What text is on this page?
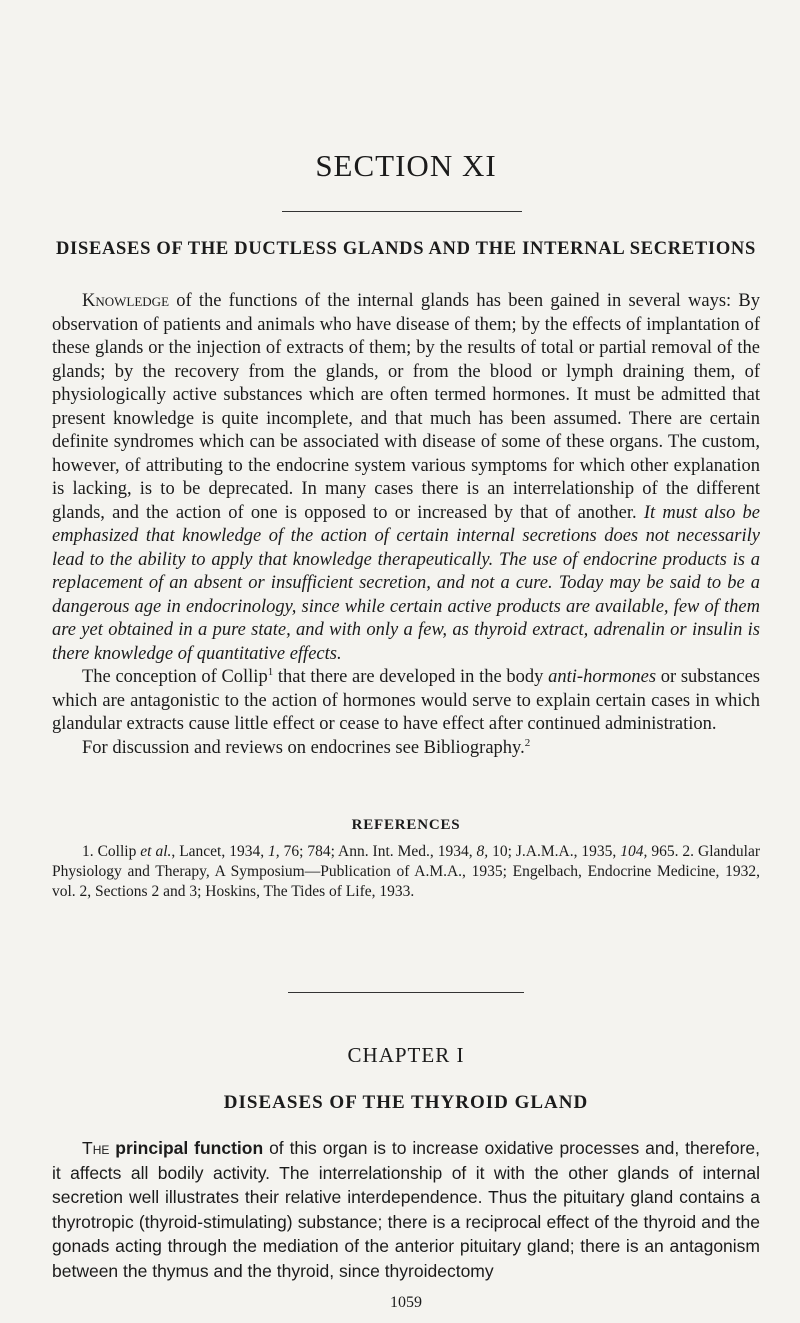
SECTION XI
DISEASES OF THE DUCTLESS GLANDS AND THE INTERNAL SECRETIONS

Knowledge of the functions of the internal glands has been gained in several ways: By observation of patients and animals who have disease of them; by the effects of implantation of these glands or the injection of extracts of them; by the results of total or partial removal of the glands; by the recovery from the glands, or from the blood or lymph draining them, of physiologically active substances which are often termed hormones. It must be admitted that present knowledge is quite incomplete, and that much has been assumed. There are certain definite syndromes which can be associated with disease of some of these organs. The custom, however, of attributing to the endocrine system various symptoms for which other explanation is lacking, is to be deprecated. In many cases there is an interrelationship of the different glands, and the action of one is opposed to or increased by that of another. It must also be emphasized that knowledge of the action of certain internal secretions does not necessarily lead to the ability to apply that knowledge therapeutically. The use of endocrine products is a replacement of an absent or insufficient secretion, and not a cure. Today may be said to be a dangerous age in endocrinology, since while certain active products are available, few of them are yet obtained in a pure state, and with only a few, as thyroid extract, adrenalin or insulin is there knowledge of quantitative effects.

The conception of Collip$^1$ that there are developed in the body anti-hormones or substances which are antagonistic to the action of hormones would serve to explain certain cases in which glandular extracts cause little effect or cease to have effect after continued administration.

For discussion and reviews on endocrines see Bibliography.$^2$

REFERENCES
1. Collip et al., Lancet, 1934, 1, 76; 784; Ann. Int. Med., 1934, 8, 10; J.A.M.A., 1935, 104, 965. 2. Glandular Physiology and Therapy, A Symposium—Publication of A.M.A., 1935; Engelbach, Endocrine Medicine, 1932, vol. 2, Sections 2 and 3; Hoskins, The Tides of Life, 1933.
CHAPTER I
DISEASES OF THE THYROID GLAND
The principal function of this organ is to increase oxidative processes and, therefore, it affects all bodily activity. The interrelationship of it with the other glands of internal secretion well illustrates their relative interdependence. Thus the pituitary gland contains a thyrotropic (thyroid-stimulating) substance; there is a reciprocal effect of the thyroid and the gonads acting through the mediation of the anterior pituitary gland; there is an antagonism between the thymus and the thyroid, since thyroidectomy
1059
